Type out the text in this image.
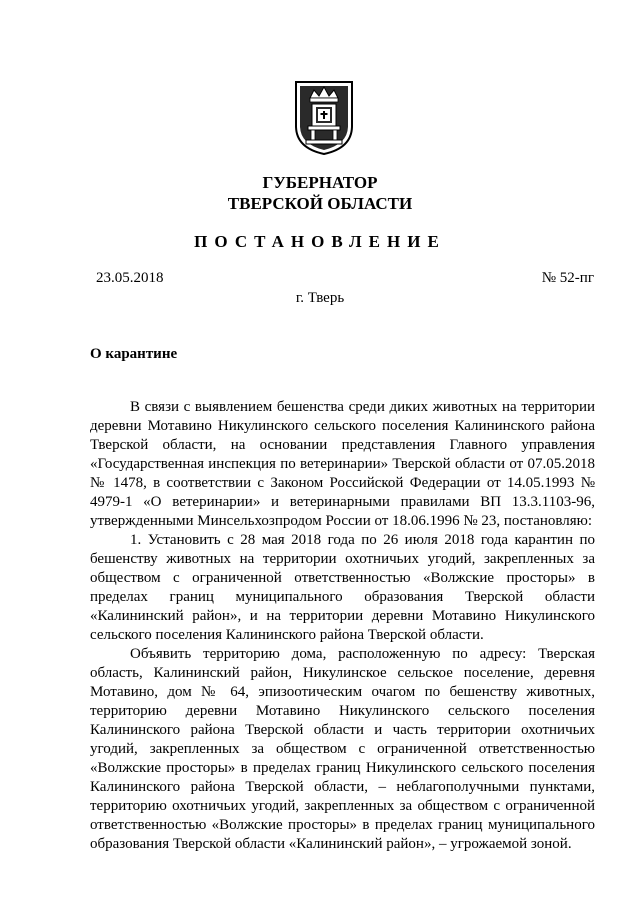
ГУБЕРНАТОР
ТВЕРСКОЙ ОБЛАСТИ
ПОСТАНОВЛЕНИЕ
23.05.2018	№ 52-пг
г. Тверь
О карантине

В связи с выявлением бешенства среди диких животных на территории деревни Мотавино Никулинского сельского поселения Калининского района Тверской области, на основании представления Главного управления «Государственная инспекция по ветеринарии» Тверской области от 07.05.2018 № 1478, в соответствии с Законом Российской Федерации от 14.05.1993 № 4979-1 «О ветеринарии» и ветеринарными правилами ВП 13.3.1103-96, утвержденными Минсельхозпродом России от 18.06.1996 № 23, постановляю:

1. Установить с 28 мая 2018 года по 26 июля 2018 года карантин по бешенству животных на территории охотничьих угодий, закрепленных за обществом с ограниченной ответственностью «Волжские просторы» в пределах границ муниципального образования Тверской области «Калининский район», и на территории деревни Мотавино Никулинского сельского поселения Калининского района Тверской области.

Объявить территорию дома, расположенную по адресу: Тверская область, Калининский район, Никулинское сельское поселение, деревня Мотавино, дом № 64, эпизоотическим очагом по бешенству животных, территорию деревни Мотавино Никулинского сельского поселения Калининского района Тверской области и часть территории охотничьих угодий, закрепленных за обществом с ограниченной ответственностью «Волжские просторы» в пределах границ Никулинского сельского поселения Калининского района Тверской области, – неблагополучными пунктами, территорию охотничьих угодий, закрепленных за обществом с ограниченной ответственностью «Волжские просторы» в пределах границ муниципального образования Тверской области «Калининский район», – угрожаемой зоной.
